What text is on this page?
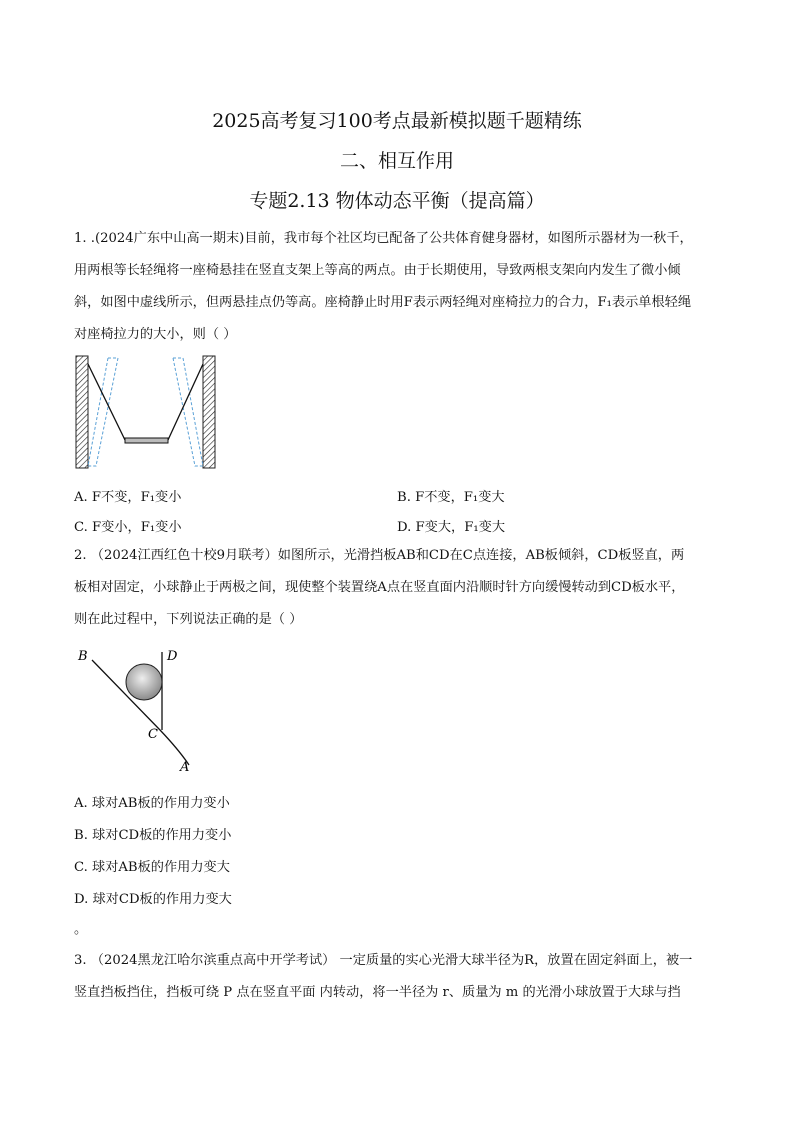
2025高考复习100考点最新模拟题千题精练
二、相互作用
专题2.13 物体动态平衡（提高篇）
1. .(2024广东中山高一期末)目前，我市每个社区均已配备了公共体育健身器材，如图所示器材为一秋千，
用两根等长轻绳将一座椅悬挂在竖直支架上等高的两点。由于长期使用，导致两根支架向内发生了微小倾
斜，如图中虚线所示，但两悬挂点仍等高。座椅静止时用F表示两轻绳对座椅拉力的合力，F₁表示单根轻绳
对座椅拉力的大小，则（ ）
A. F不变，F₁变小	B. F不变，F₁变大
C. F变小，F₁变小	D. F变大，F₁变大
2. （2024江西红色十校9月联考）如图所示，光滑挡板AB和CD在C点连接，AB板倾斜，CD板竖直，两
板相对固定，小球静止于两极之间，现使整个装置绕A点在竖直面内沿顺时针方向缓慢转动到CD板水平，
则在此过程中，下列说法正确的是（ ）
B	D
C
A
A. 球对AB板的作用力变小
B. 球对CD板的作用力变小
C. 球对AB板的作用力变大
D. 球对CD板的作用力变大
。
3. （2024黑龙江哈尔滨重点高中开学考试） 一定质量的实心光滑大球半径为R，放置在固定斜面上，被一
竖直挡板挡住，挡板可绕 P 点在竖直平面 内转动，将一半径为 r、质量为 m 的光滑小球放置于大球与挡
